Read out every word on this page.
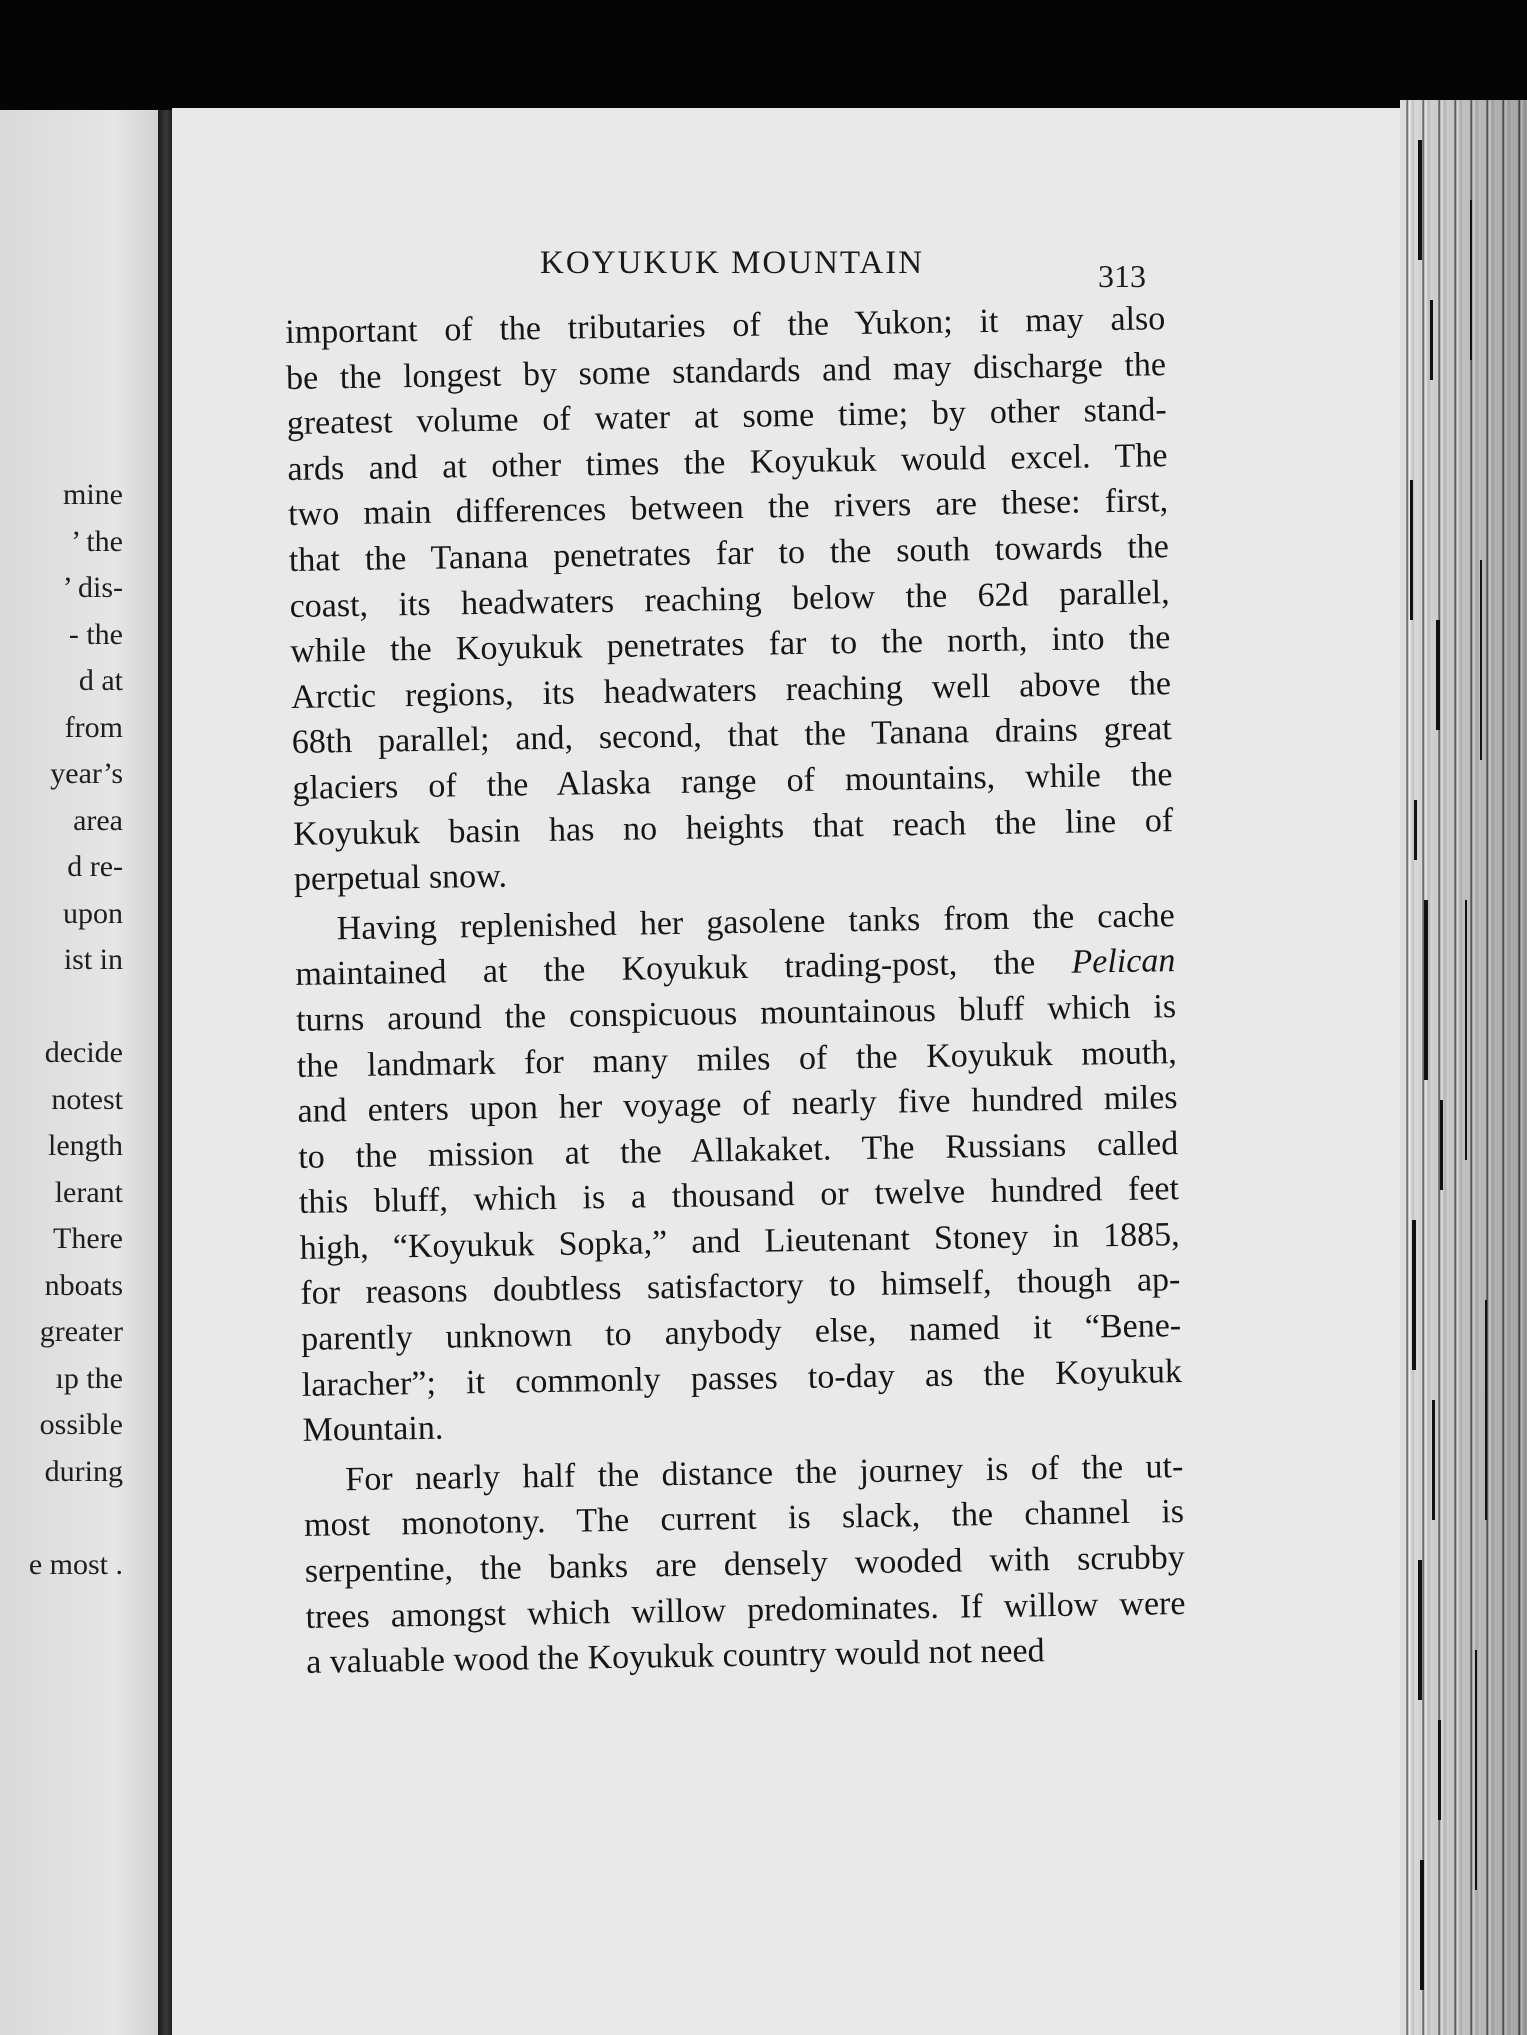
mine
’ the
’ dis-
- the
d at
from
year’s
area
d re-
upon
ist in
decide
notest
length
lerant
There
nboats
greater
ıp the
ossible
during
e most .
KOYUKUK MOUNTAIN	313
important of the tributaries of the Yukon; it may also
be the longest by some standards and may discharge the
greatest volume of water at some time; by other stand-
ards and at other times the Koyukuk would excel. The
two main differences between the rivers are these: first,
that the Tanana penetrates far to the south towards the
coast, its headwaters reaching below the 62d parallel,
while the Koyukuk penetrates far to the north, into the
Arctic regions, its headwaters reaching well above the
68th parallel; and, second, that the Tanana drains great
glaciers of the Alaska range of mountains, while the
Koyukuk basin has no heights that reach the line of
perpetual snow.
Having replenished her gasolene tanks from the cache
maintained at the Koyukuk trading-post, the Pelican
turns around the conspicuous mountainous bluff which is
the landmark for many miles of the Koyukuk mouth,
and enters upon her voyage of nearly five hundred miles
to the mission at the Allakaket. The Russians called
this bluff, which is a thousand or twelve hundred feet
high, “Koyukuk Sopka,” and Lieutenant Stoney in 1885,
for reasons doubtless satisfactory to himself, though ap-
parently unknown to anybody else, named it “Bene-
laracher”; it commonly passes to-day as the Koyukuk
Mountain.
For nearly half the distance the journey is of the ut-
most monotony. The current is slack, the channel is
serpentine, the banks are densely wooded with scrubby
trees amongst which willow predominates. If willow were
a valuable wood the Koyukuk country would not need
